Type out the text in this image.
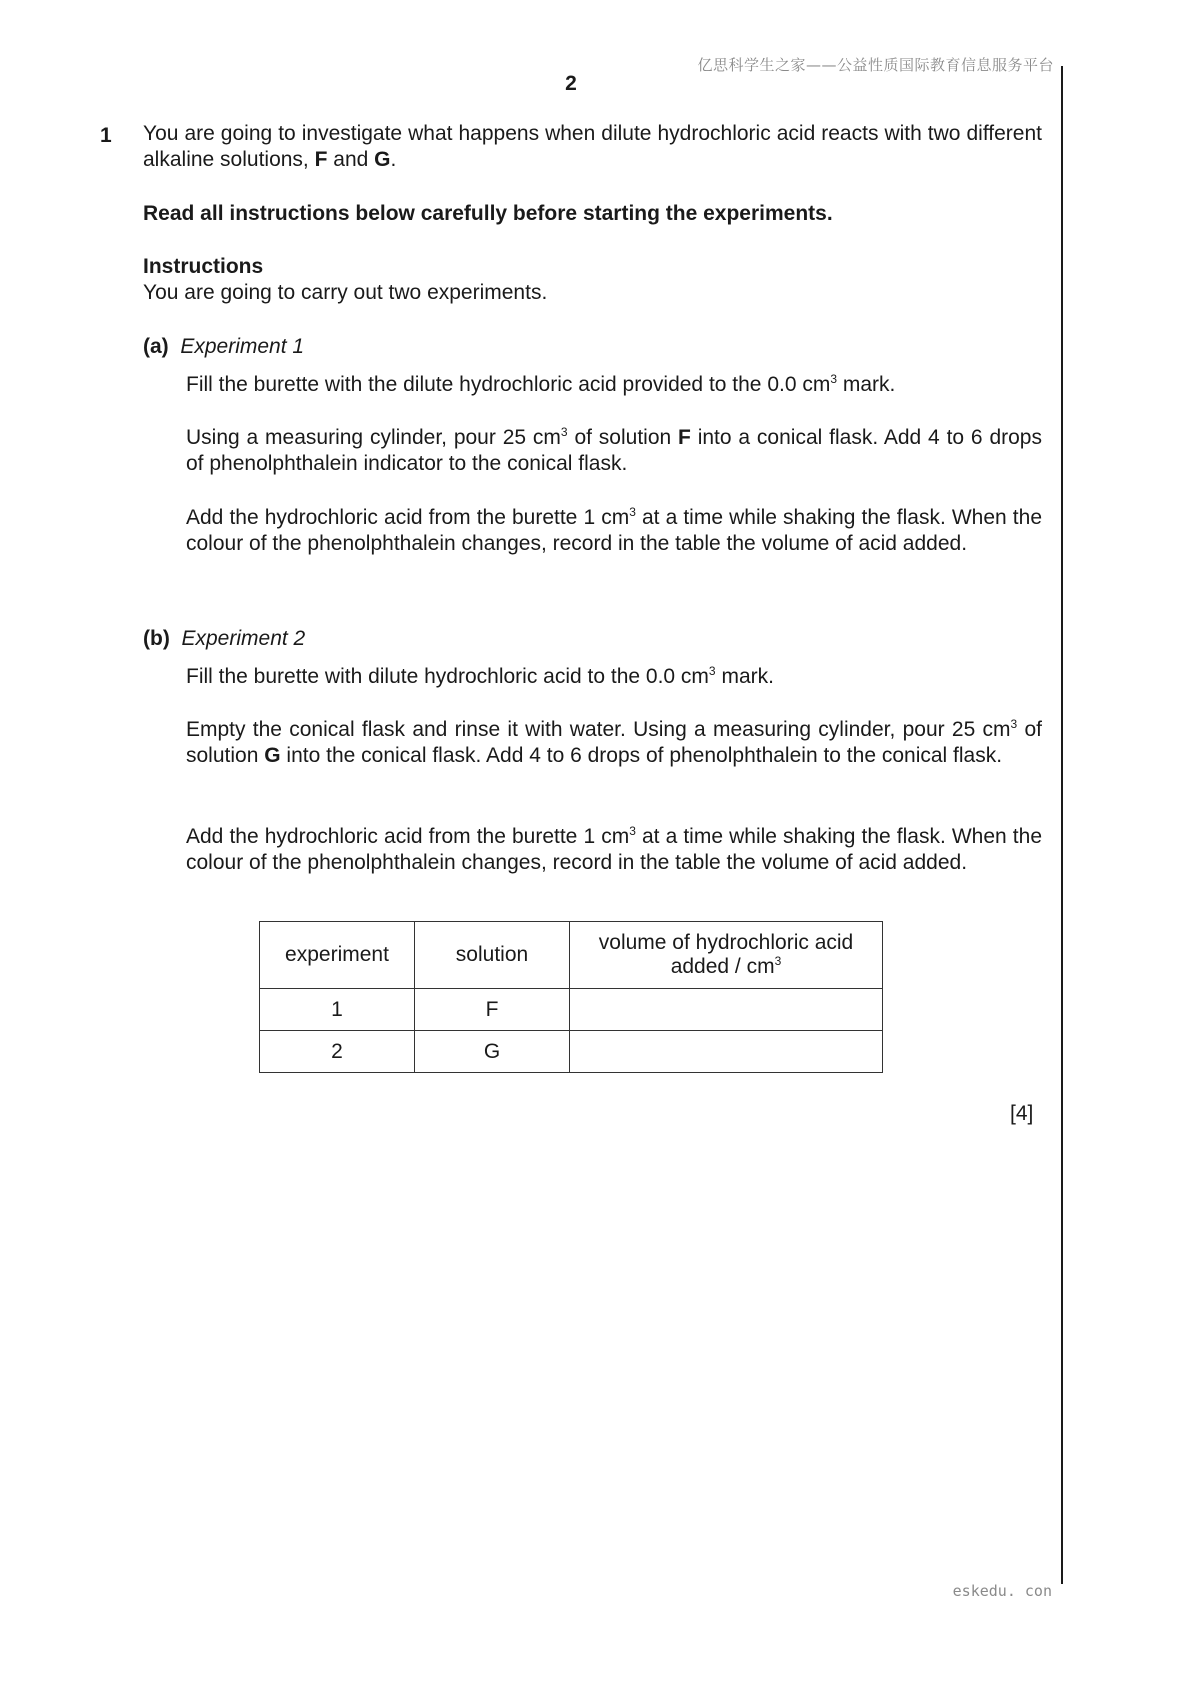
亿思科学生之家——公益性质国际教育信息服务平台
2
1 You are going to investigate what happens when dilute hydrochloric acid reacts with two different alkaline solutions, F and G.
Read all instructions below carefully before starting the experiments.
Instructions
You are going to carry out two experiments.
(a) Experiment 1
Fill the burette with the dilute hydrochloric acid provided to the 0.0 $cm^3$ mark.
Using a measuring cylinder, pour 25 $cm^3$ of solution F into a conical flask. Add 4 to 6 drops of phenolphthalein indicator to the conical flask.
Add the hydrochloric acid from the burette 1 $cm^3$ at a time while shaking the flask. When the colour of the phenolphthalein changes, record in the table the volume of acid added.
(b) Experiment 2
Fill the burette with dilute hydrochloric acid to the 0.0 $cm^3$ mark.
Empty the conical flask and rinse it with water. Using a measuring cylinder, pour 25 $cm^3$ of solution G into the conical flask. Add 4 to 6 drops of phenolphthalein to the conical flask.
Add the hydrochloric acid from the burette 1 $cm^3$ at a time while shaking the flask. When the colour of the phenolphthalein changes, record in the table the volume of acid added.
experiment	solution	volume of hydrochloric acid
added / $cm^3$
1	F	
2	G	
[4]
eskedu. con
